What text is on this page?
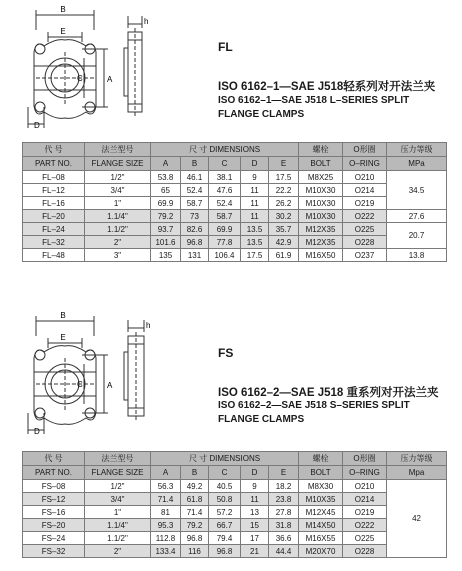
B
E
C	A
D
h
FL
ISO 6162–1—SAE J518轻系列对开法兰夹
ISO 6162–1—SAE J518 L–SERIES SPLIT
FLANGE CLAMPS
代 号	法兰型号	尺 寸 DIMENSIONS					螺栓	O形圈	压力等级
PART NO.	FLANGE SIZE	A	B	C	D	E	BOLT	O–RING	MPa
FL–08	1/2"	53.8	46.1	38.1	9	17.5	M8X25	O210	34.5
FL–12	3/4"	65	52.4	47.6	11	22.2	M10X30	O214	
FL–16	1"	69.9	58.7	52.4	11	26.2	M10X30	O219	
FL–20	1.1/4"	79.2	73	58.7	11	30.2	M10X30	O222	27.6
FL–24	1.1/2"	93.7	82.6	69.9	13.5	35.7	M12X35	O225	20.7
FL–32	2"	101.6	96.8	77.8	13.5	42.9	M12X35	O228	
FL–48	3"	135	131	106.4	17.5	61.9	M16X50	O237	13.8
B
E
C	A
D
h
FS
ISO 6162–2—SAE J518 重系列对开法兰夹
ISO 6162–2—SAE J518 S–SERIES SPLIT
FLANGE CLAMPS
代 号	法兰型号	尺 寸 DIMENSIONS					螺栓	O形圈	压力等级
PART NO.	FLANGE SIZE	A	B	C	D	E	BOLT	O–RING	Mpa
FS–08	1/2"	56.3	49.2	40.5	9	18.2	M8X30	O210	42
FS–12	3/4"	71.4	61.8	50.8	11	23.8	M10X35	O214	
FS–16	1"	81	71.4	57.2	13	27.8	M12X45	O219	
FS–20	1.1/4"	95.3	79.2	66.7	15	31.8	M14X50	O222	
FS–24	1.1/2"	112.8	96.8	79.4	17	36.6	M16X55	O225	
FS–32	2"	133.4	116	96.8	21	44.4	M20X70	O228	
